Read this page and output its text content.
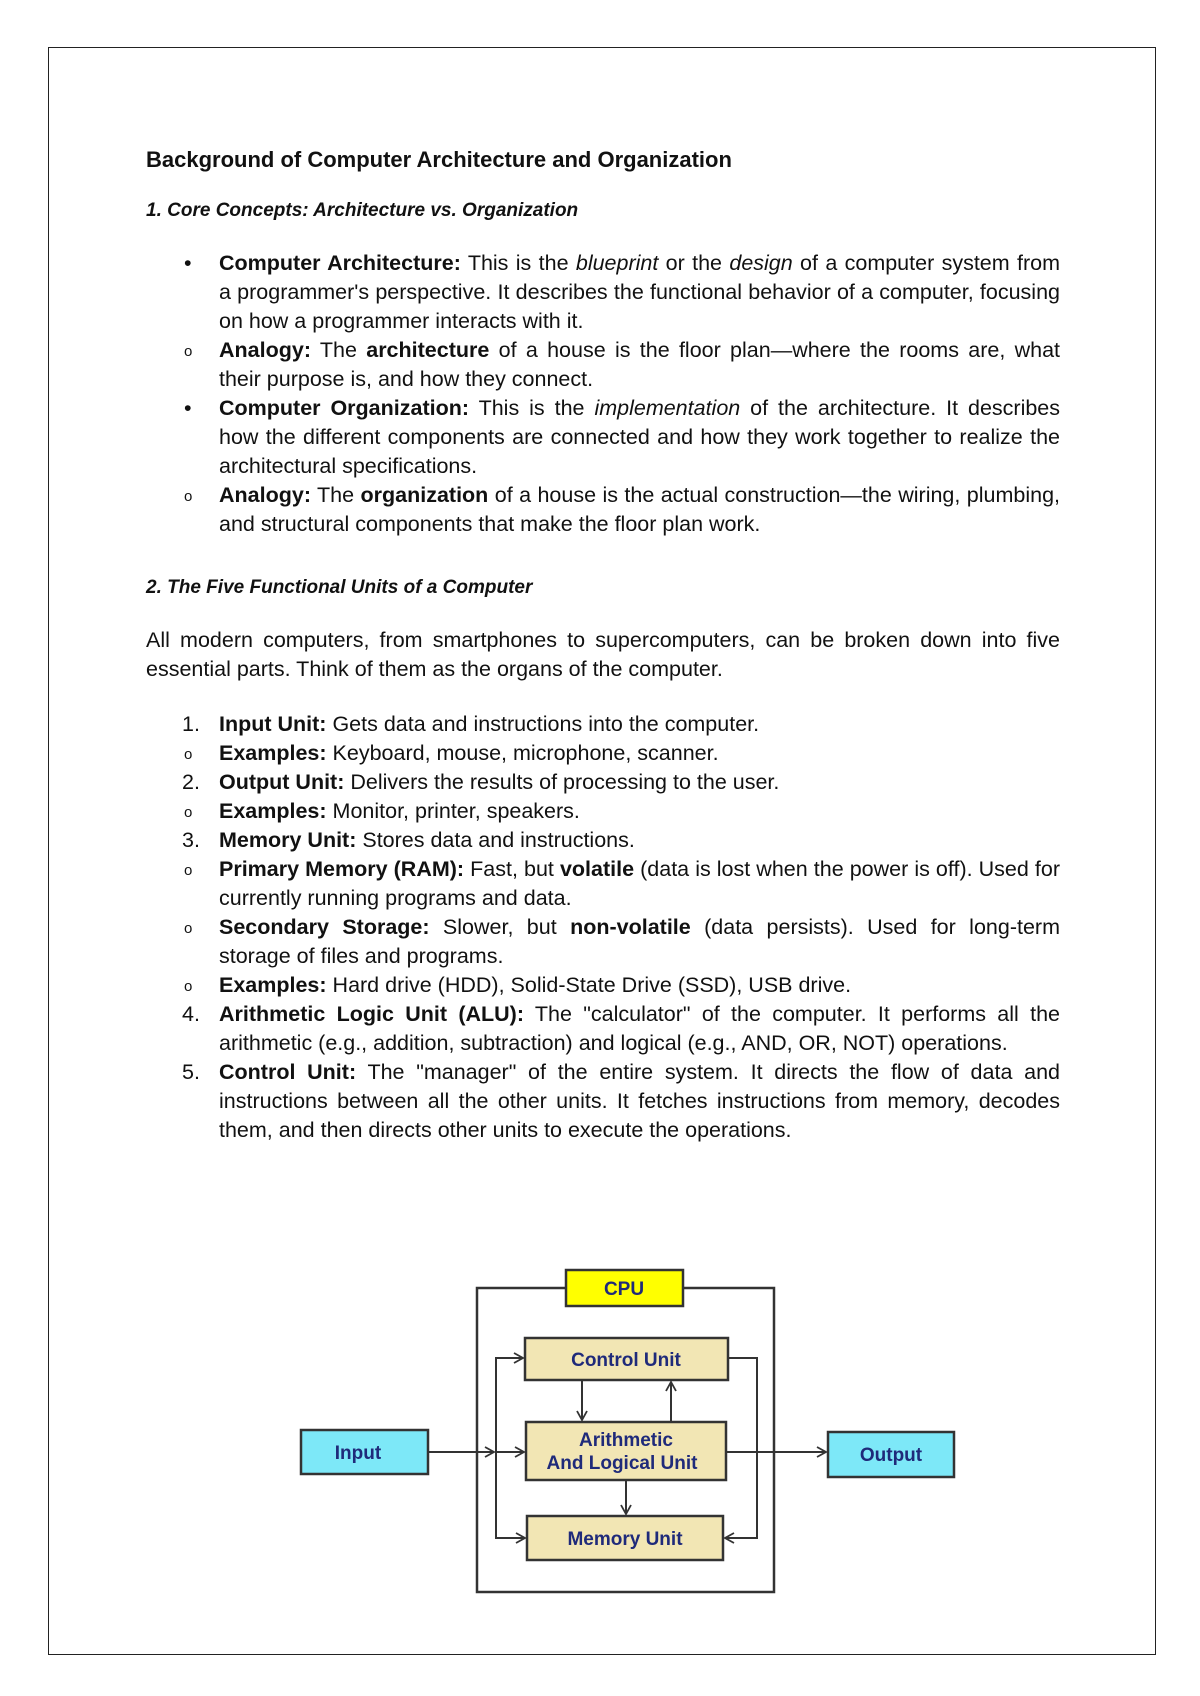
Background of Computer Architecture and Organization
1. Core Concepts: Architecture vs. Organization
• Computer Architecture: This is the blueprint or the design of a computer system from a programmer's perspective. It describes the functional behavior of a computer, focusing on how a programmer interacts with it.
o Analogy: The architecture of a house is the floor plan—where the rooms are, what their purpose is, and how they connect.
• Computer Organization: This is the implementation of the architecture. It describes how the different components are connected and how they work together to realize the architectural specifications.
o Analogy: The organization of a house is the actual construction—the wiring, plumbing, and structural components that make the floor plan work.
2. The Five Functional Units of a Computer

All modern computers, from smartphones to supercomputers, can be broken down into five essential parts. Think of them as the organs of the computer.

1. Input Unit: Gets data and instructions into the computer.
o Examples: Keyboard, mouse, microphone, scanner.
2. Output Unit: Delivers the results of processing to the user.
o Examples: Monitor, printer, speakers.
3. Memory Unit: Stores data and instructions.
o Primary Memory (RAM): Fast, but volatile (data is lost when the power is off). Used for currently running programs and data.
o Secondary Storage: Slower, but non-volatile (data persists). Used for long-term storage of files and programs.
o Examples: Hard drive (HDD), Solid-State Drive (SSD), USB drive.
4. Arithmetic Logic Unit (ALU): The "calculator" of the computer. It performs all the arithmetic (e.g., addition, subtraction) and logical (e.g., AND, OR, NOT) operations.
5. Control Unit: The "manager" of the entire system. It directs the flow of data and instructions between all the other units. It fetches instructions from memory, decodes them, and then directs other units to execute the operations.
CPU
Control Unit
Arithmetic
And Logical Unit
Memory Unit
Input	Output
